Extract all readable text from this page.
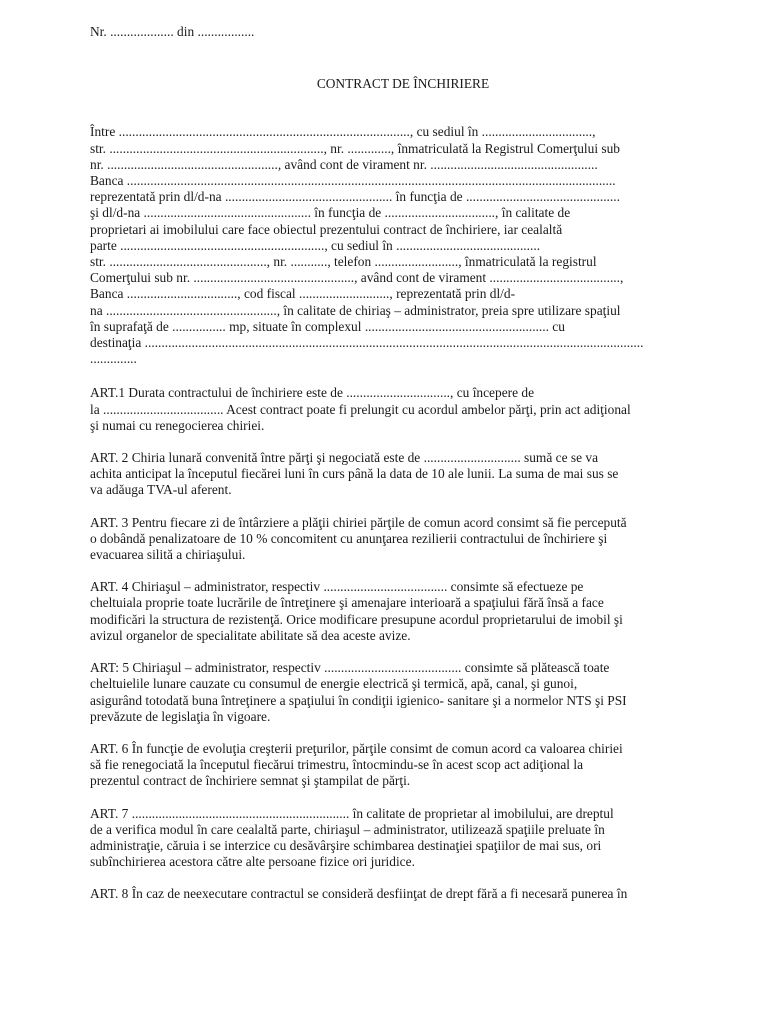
Nr. ................... din .................

CONTRACT DE ÎNCHIRIERE

Între ......................................................................................., cu sediul în .................................,
str. ................................................................, nr. ............., înmatriculată la Registrul Comerţului sub
nr. ..................................................., având cont de virament nr. ..................................................
Banca ..................................................................................................................................................
reprezentată prin dl/d-na .................................................. în funcţia de ..............................................
şi dl/d-na .................................................. în funcţia de ................................., în calitate de
proprietari ai imobilului care face obiectul prezentului contract de închiriere, iar cealaltă
parte ............................................................., cu sediul în ...........................................
str. ..............................................., nr. ..........., telefon ........................., înmatriculată la registrul
Comerţului sub nr. ................................................, având cont de virament .......................................,
Banca ................................., cod fiscal ..........................., reprezentată prin dl/d-
na ..................................................., în calitate de chiriaş – administrator, preia spre utilizare spaţiul
în suprafaţă de ................ mp, situate în complexul ....................................................... cu
destinaţia .....................................................................................................................................................
..............
ART.1 Durata contractului de închiriere este de ..............................., cu începere de
la .................................... Acest contract poate fi prelungit cu acordul ambelor părţi, prin act adiţional
şi numai cu renegocierea chiriei.
ART. 2 Chiria lunară convenită între părţi şi negociată este de ............................. sumă ce se va
achita anticipat la începutul fiecărei luni în curs până la data de 10 ale lunii. La suma de mai sus se
va adăuga TVA-ul aferent.
ART. 3 Pentru fiecare zi de întârziere a plăţii chiriei părţile de comun acord consimt să fie percepută
o dobândă penalizatoare de 10 % concomitent cu anunţarea rezilierii contractului de închiriere şi
evacuarea silită a chiriaşului.
ART. 4 Chiriaşul – administrator, respectiv ..................................... consimte să efectueze pe
cheltuiala proprie toate lucrările de întreţinere şi amenajare interioară a spaţiului fără însă a face
modificări la structura de rezistenţă. Orice modificare presupune acordul proprietarului de imobil şi
avizul organelor de specialitate abilitate să dea aceste avize.
ART: 5 Chiriaşul – administrator, respectiv ......................................... consimte să plătească toate
cheltuielile lunare cauzate cu consumul de energie electrică şi termică, apă, canal, şi gunoi,
asigurând totodată buna întreţinere a spaţiului în condiţii igienico- sanitare şi a normelor NTS şi PSI
prevăzute de legislaţia în vigoare.
ART. 6 În funcţie de evoluţia creşterii preţurilor, părţile consimt de comun acord ca valoarea chiriei
să fie renegociată la începutul fiecărui trimestru, întocmindu-se în acest scop act adiţional la
prezentul contract de închiriere semnat şi ştampilat de părţi.
ART. 7 ................................................................. în calitate de proprietar al imobilului, are dreptul
de a verifica modul în care cealaltă parte, chiriaşul – administrator, utilizează spaţiile preluate în
administraţie, căruia i se interzice cu desăvârşire schimbarea destinaţiei spaţiilor de mai sus, ori
subînchirierea acestora către alte persoane fizice ori juridice.
ART. 8 În caz de neexecutare contractul se consideră desfiinţat de drept fără a fi necesară punerea în
